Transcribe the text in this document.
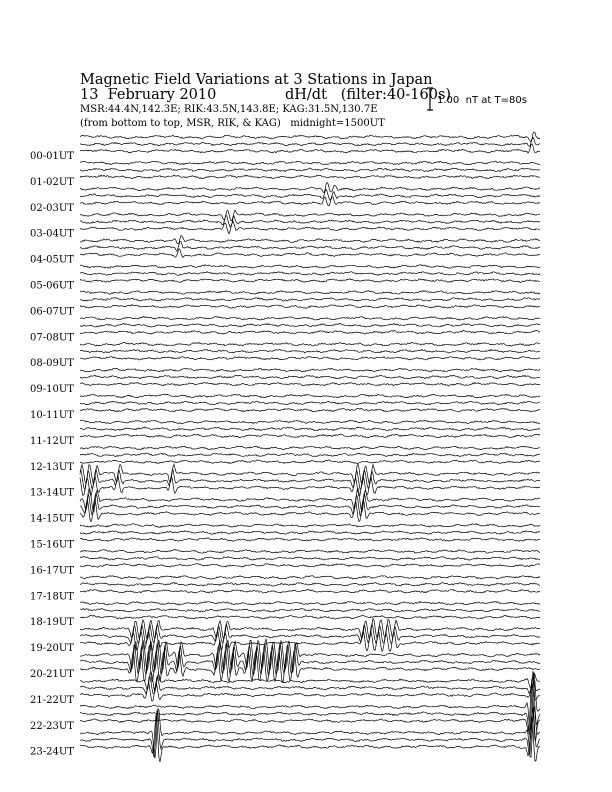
Magnetic Field Variations at 3 Stations in Japan
13  February 2010	dH/dt   (filter:40-160s)
MSR:44.4N,142.3E; RIK:43.5N,143.8E; KAG:31.5N,130.7E
(from bottom to top, MSR, RIK, & KAG)   midnight=1500UT
1.00  nT at T=80s
00-01UT
01-02UT
02-03UT
03-04UT
04-05UT
05-06UT
06-07UT
07-08UT
08-09UT
09-10UT
10-11UT
11-12UT
12-13UT
13-14UT
14-15UT
15-16UT
16-17UT
17-18UT
18-19UT
19-20UT
20-21UT
21-22UT
22-23UT
23-24UT
